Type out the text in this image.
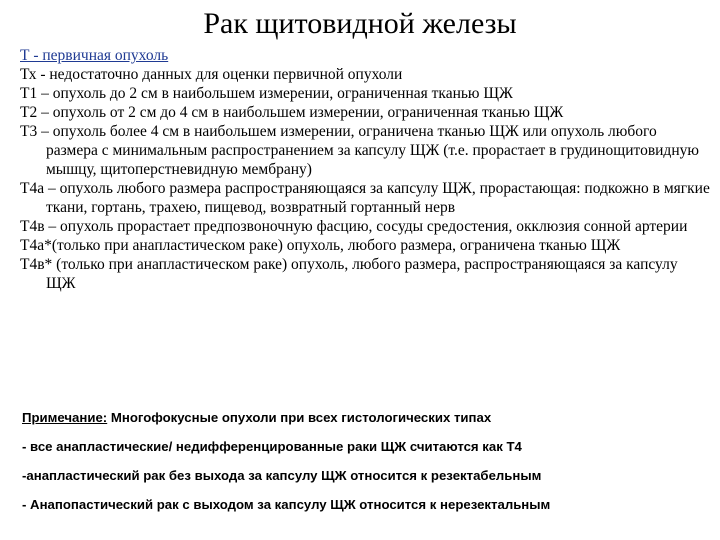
Рак щитовидной железы
Т - первичная опухоль
Тх - недостаточно данных для оценки первичной опухоли
Т1 – опухоль до 2 см в наибольшем измерении, ограниченная тканью ЩЖ
Т2 – опухоль от 2 см до 4 см в наибольшем измерении, ограниченная тканью ЩЖ
Т3 – опухоль более 4 см в наибольшем измерении, ограничена тканью ЩЖ или опухоль любого размера с минимальным распространением за капсулу ЩЖ (т.е. прорастает в грудинощитовидную мышцу, щитоперстневидную мембрану)
Т4а – опухоль любого размера распространяющаяся за капсулу ЩЖ, прорастающая: подкожно в мягкие ткани, гортань, трахею, пищевод, возвратный гортанный нерв
Т4в – опухоль прорастает предпозвоночную фасцию, сосуды средостения, окклюзия сонной артерии
Т4а*(только при анапластическом раке) опухоль, любого размера, ограничена тканью ЩЖ
Т4в* (только при анапластическом раке) опухоль, любого размера, распространяющаяся за капсулу ЩЖ
Примечание: Многофокусные опухоли при всех гистологических типах
- все анапластические/ недифференцированные раки ЩЖ считаются как Т4
-анапластический рак без выхода за капсулу ЩЖ относится к резектабельным
- Анапопастический рак с выходом за капсулу ЩЖ относится к нерезектальным
